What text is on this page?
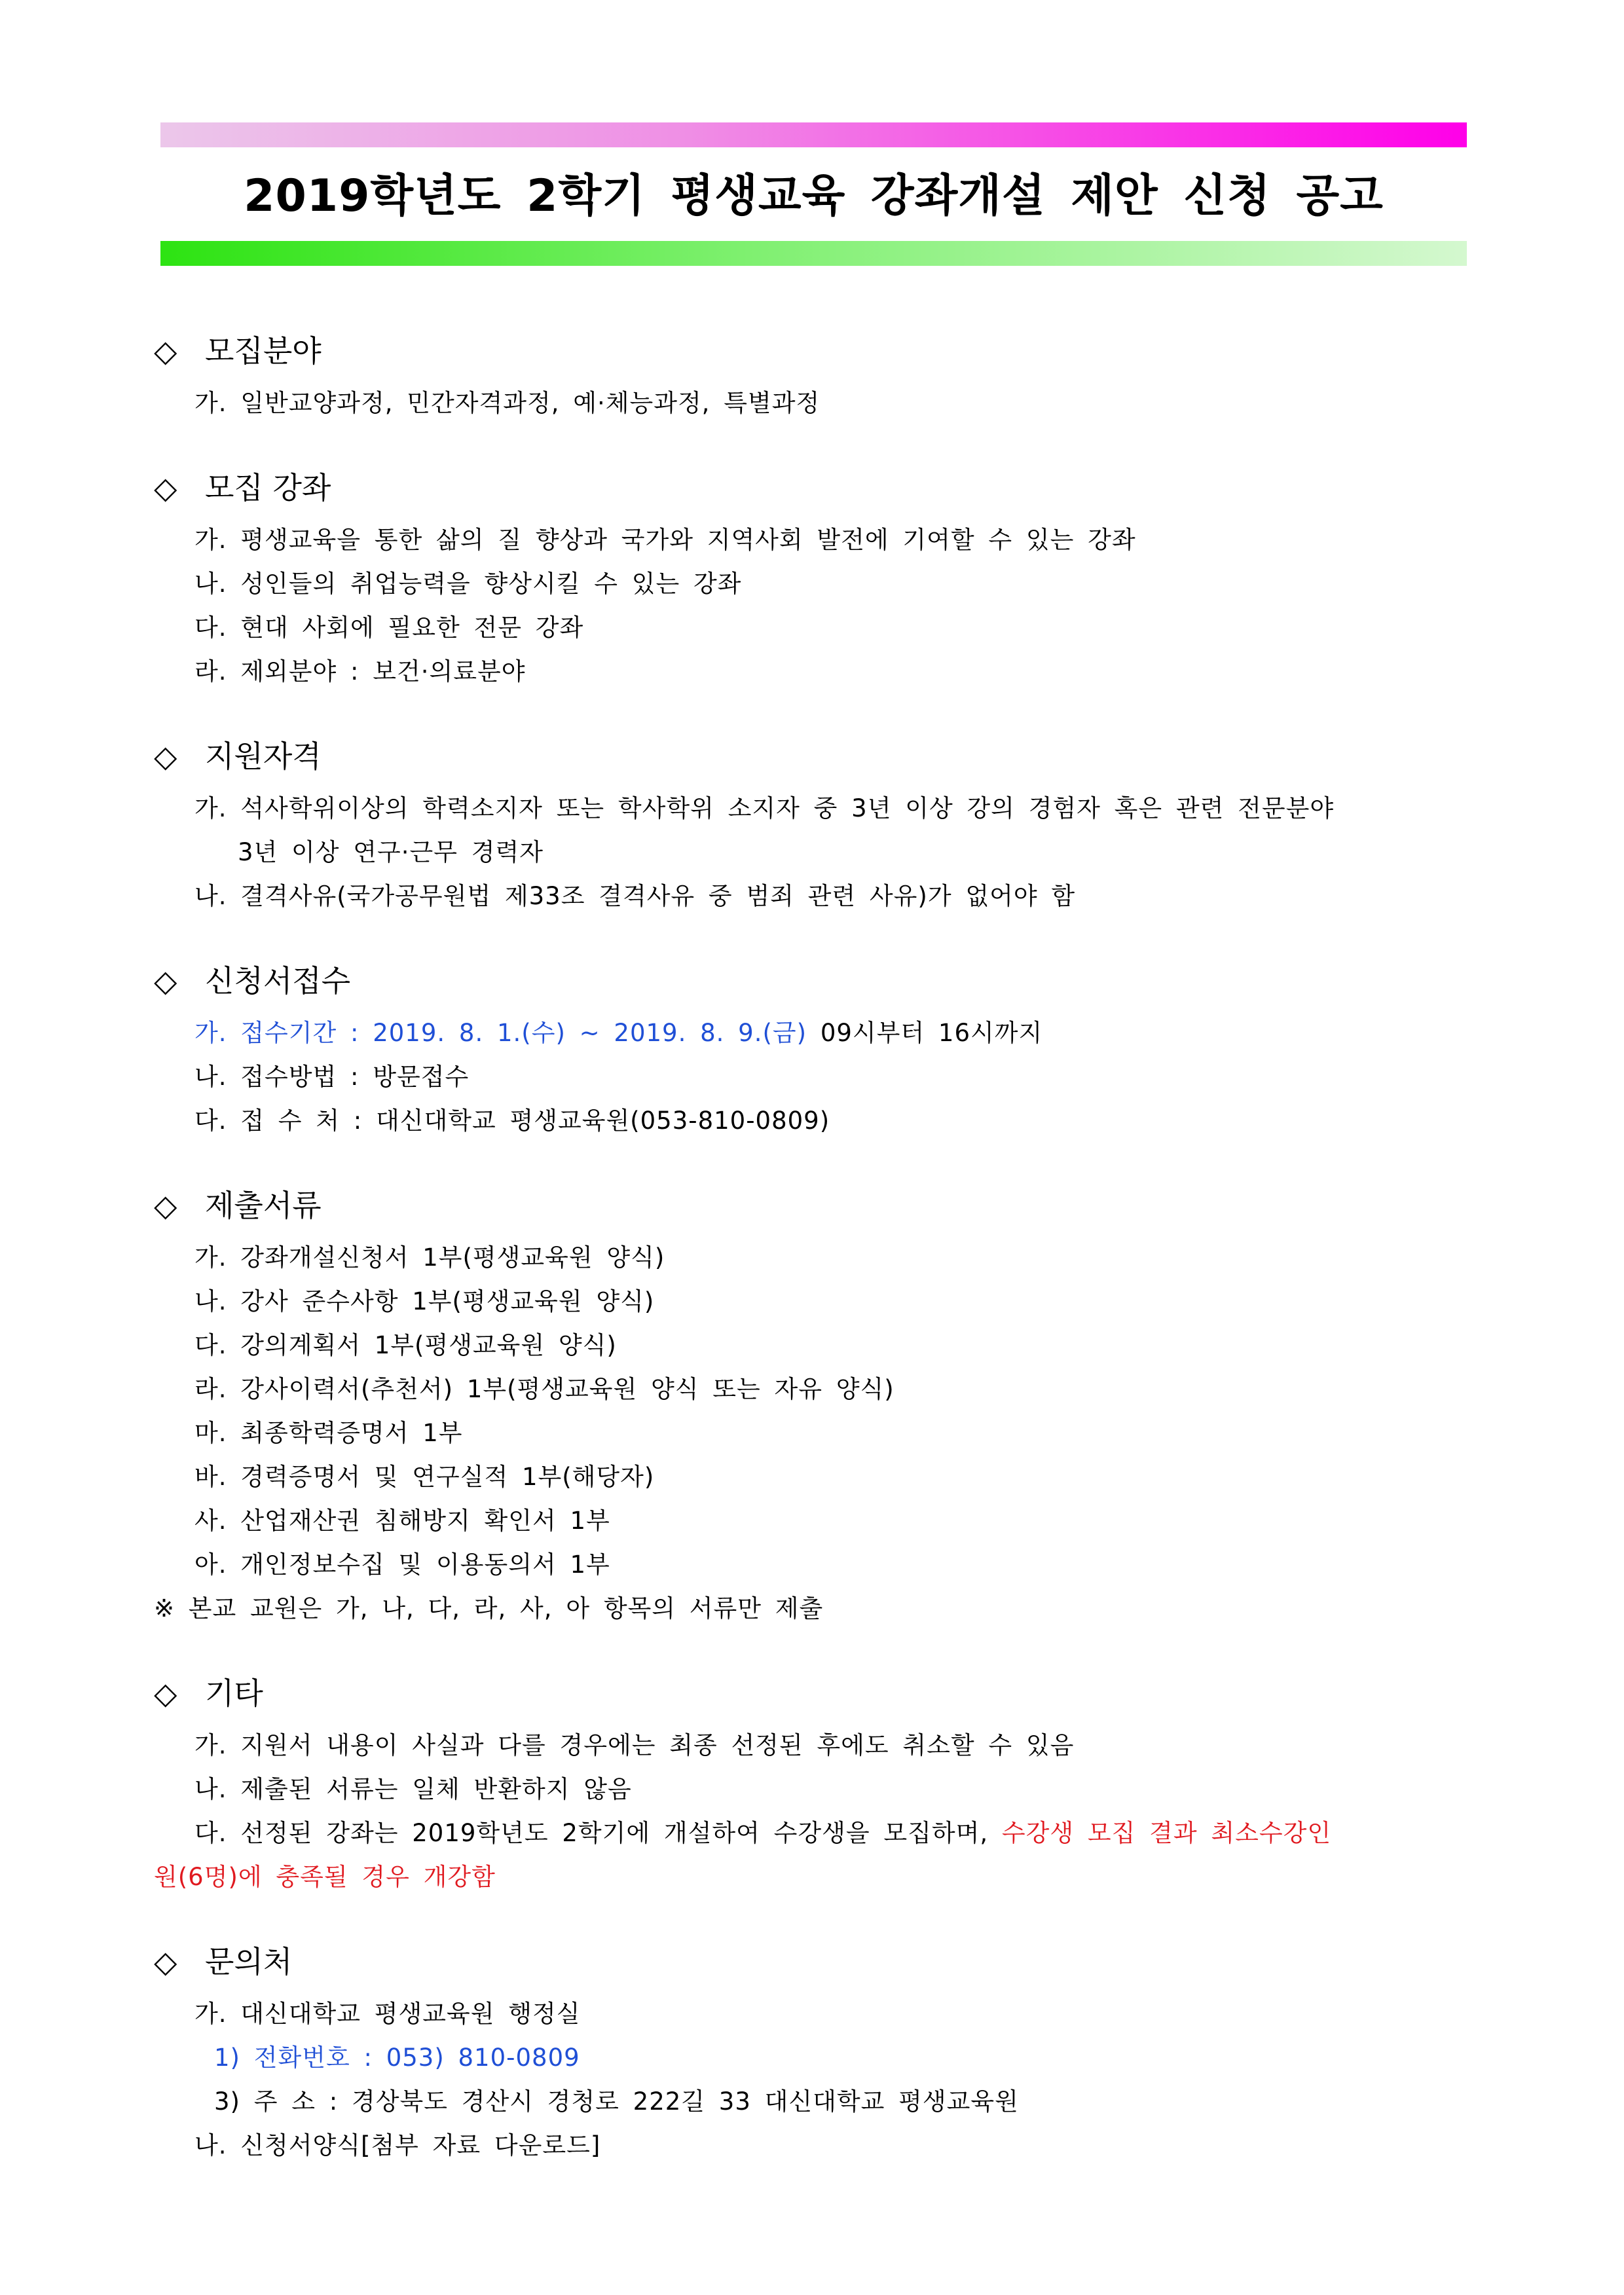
2019학년도 2학기 평생교육 강좌개설 제안 신청 공고
◇ 모집분야
가. 일반교양과정, 민간자격과정, 예·체능과정, 특별과정
◇ 모집 강좌
가. 평생교육을 통한 삶의 질 향상과 국가와 지역사회 발전에 기여할 수 있는 강좌
나. 성인들의 취업능력을 향상시킬 수 있는 강좌
다. 현대 사회에 필요한 전문 강좌
라. 제외분야 : 보건·의료분야
◇ 지원자격
가. 석사학위이상의 학력소지자 또는 학사학위 소지자 중 3년 이상 강의 경험자 혹은 관련 전문분야
3년 이상 연구·근무 경력자
나. 결격사유(국가공무원법 제33조 결격사유 중 범죄 관련 사유)가 없어야 함
◇ 신청서접수
가. 접수기간 : 2019. 8. 1.(수) ~ 2019. 8. 9.(금) 09시부터 16시까지
나. 접수방법 : 방문접수
다. 접 수 처 : 대신대학교 평생교육원(053-810-0809)
◇ 제출서류
가. 강좌개설신청서 1부(평생교육원 양식)
나. 강사 준수사항 1부(평생교육원 양식)
다. 강의계획서 1부(평생교육원 양식)
라. 강사이력서(추천서) 1부(평생교육원 양식 또는 자유 양식)
마. 최종학력증명서 1부
바. 경력증명서 및 연구실적 1부(해당자)
사. 산업재산권 침해방지 확인서 1부
아. 개인정보수집 및 이용동의서 1부
※ 본교 교원은 가, 나, 다, 라, 사, 아 항목의 서류만 제출
◇ 기타
가. 지원서 내용이 사실과 다를 경우에는 최종 선정된 후에도 취소할 수 있음
나. 제출된 서류는 일체 반환하지 않음
다. 선정된 강좌는 2019학년도 2학기에 개설하여 수강생을 모집하며, 수강생 모집 결과 최소수강인
원(6명)에 충족될 경우 개강함
◇ 문의처
가. 대신대학교 평생교육원 행정실
1) 전화번호 : 053) 810-0809
3) 주 소 : 경상북도 경산시 경청로 222길 33 대신대학교 평생교육원
나. 신청서양식[첨부 자료 다운로드]
